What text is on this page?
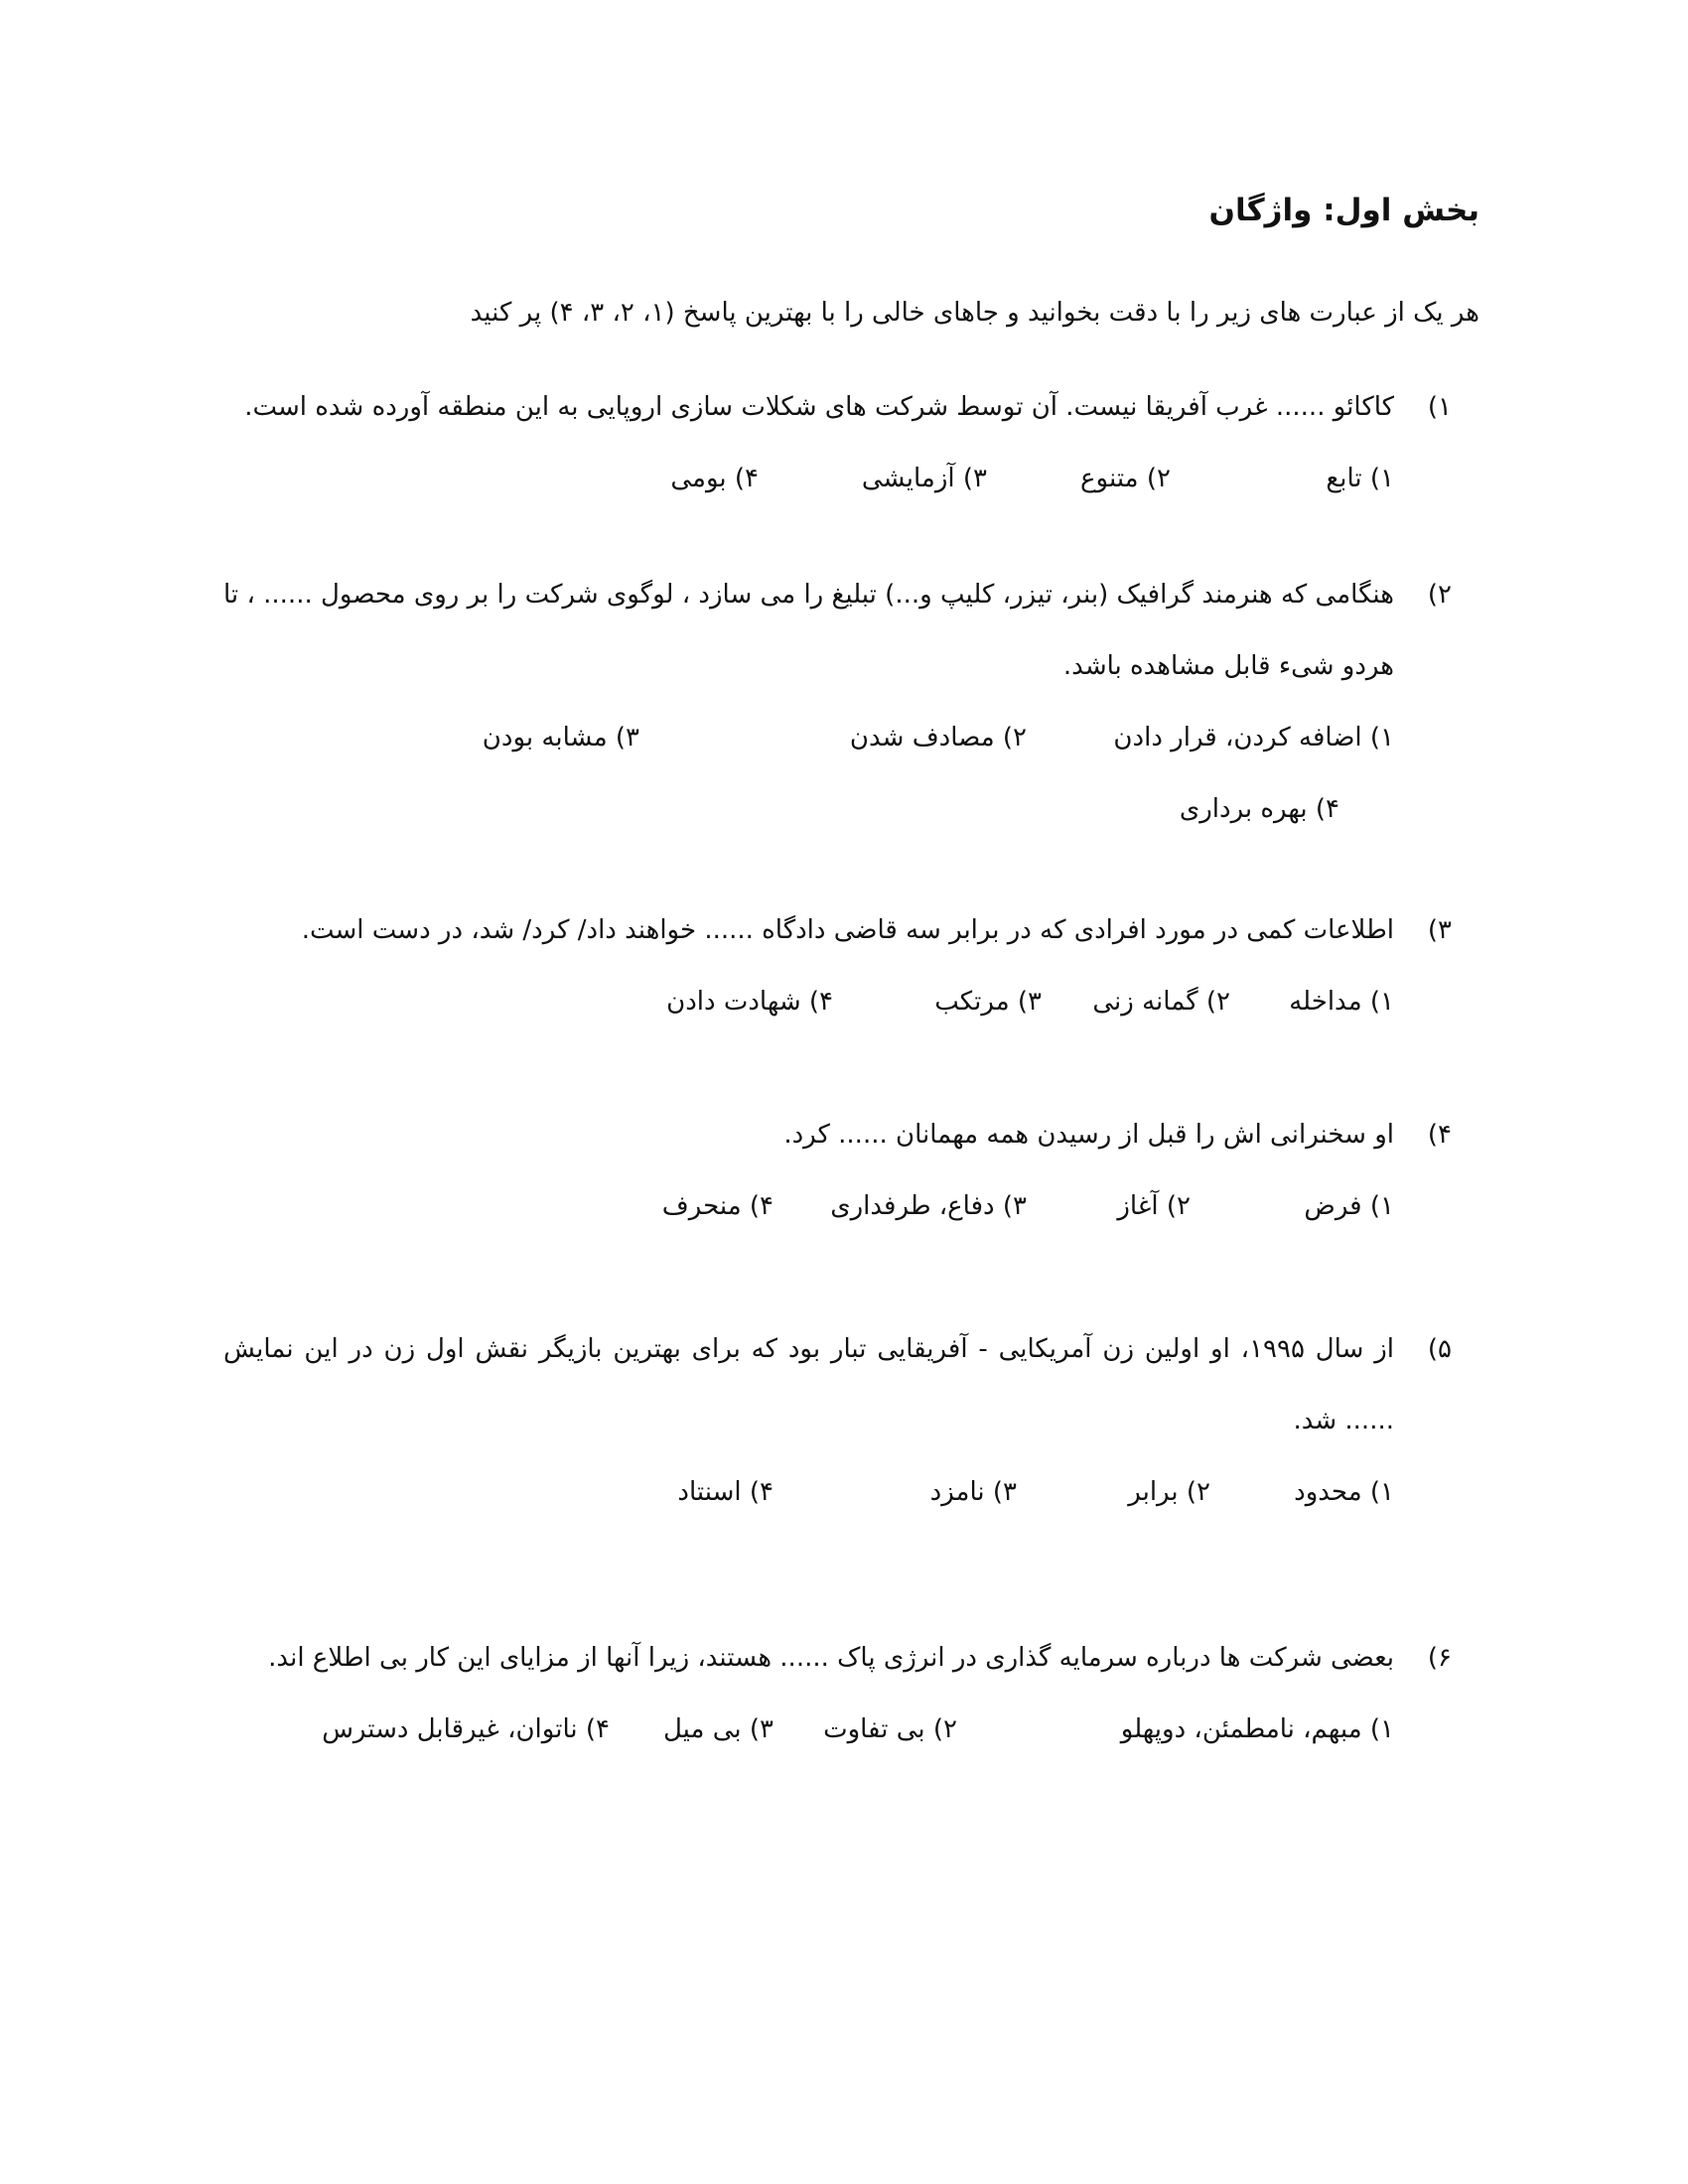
بخش اول: واژگان

هر یک از عبارت های زیر را با دقت بخوانید و جاهای خالی را با بهترین پاسخ (۱، ۲، ۳، ۴) پر کنید

۱)

کاکائو ...... غرب آفریقا نیست. آن توسط شرکت های شکلات سازی اروپایی به این منطقه آورده شده است.

۱) تابع
۲) متنوع
۳) آزمایشی
۴) بومی
۲)

هنگامی که هنرمند گرافیک (بنر، تیزر، کلیپ و...) تبلیغ را می سازد ، لوگوی شرکت را بر روی محصول ...... ، تا هردو شیء قابل مشاهده باشد.

۱) اضافه کردن، قرار دادن
۲) مصادف شدن
۳) مشابه بودن
۴) بهره برداری
۳)

اطلاعات کمی در مورد افرادی که در برابر سه قاضی دادگاه ...... خواهند داد/ کرد/ شد، در دست است.

۱) مداخله
۲) گمانه زنی
۳) مرتکب
۴) شهادت دادن
۴)

او سخنرانی اش را قبل از رسیدن همه مهمانان ...... کرد.

۱) فرض
۲) آغاز
۳) دفاع، طرفداری
۴) منحرف
۵)

از سال ۱۹۹۵، او اولین زن آمریکایی - آفریقایی تبار بود که برای بهترین بازیگر نقش اول زن در این نمایش ...... شد.

۱) محدود
۲) برابر
۳) نامزد
۴) اسنتاد
۶)

بعضی شرکت ها درباره سرمایه گذاری در انرژی پاک ...... هستند، زیرا آنها از مزایای این کار بی اطلاع اند.

۱) مبهم، نامطمئن، دوپهلو
۲) بی تفاوت
۳) بی میل
۴) ناتوان، غیرقابل دسترس
